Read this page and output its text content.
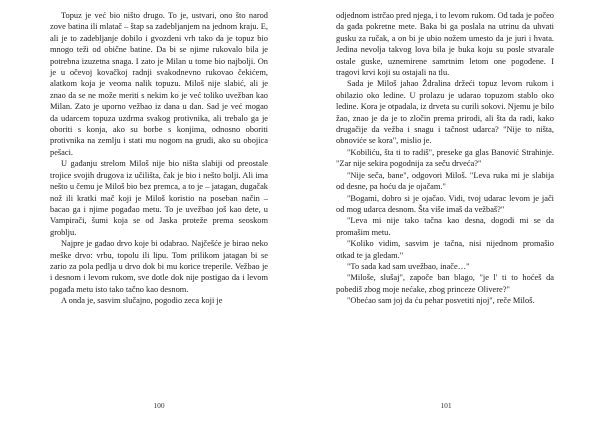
Topuz je već bio ništo drugo. To je, ustvari, ono što narod zove batina ili mlatač – štap sa zadebljanjem na jednom kraju. E, ali je to zadebljanje dobilo i gvozdeni vrh tako da je topuz bio mnogo teži od obične batine. Da bi se njime rukovalo bila je potrebna izuzetna snaga. I zato je Milan u tome bio najbolji. On je u očevoj kovačkoj radnji svakodnevno rukovao čekićem, alatkom koja je veoma nalik topuzu. Miloš nije slabić, ali je znao da se ne može meriti s nekim ko je već toliko uvežban kao Milan. Zato je uporno vežbao iz dana u dan. Sad je već mogao da udarcem topuza uzdrma svakog protivnika, ali trebalo ga je oboriti s konja, ako su borbe s konjima, odnosno oboriti protivnika na zemlju i stati mu nogom na grudi, ako su obojica pešaci.

U gađanju strelom Miloš nije bio ništa slabiji od preostale trojice svojih drugova iz učilišta, čak je bio i nešto bolji. Ali ima nešto u čemu je Miloš bio bez premca, a to je – jatagan, dugačak nož ili kratki mač koji je Miloš koristio na poseban način – bacao ga i njime pogađao metu. To je uvežbao još kao dete, u Vampirači, šumi koja se od Jaska proteže prema seoskom groblju.

Najpre je gađao drvo koje bi odabrao. Najčešće je birao neko meške drvo: vrbu, topolu ili lipu. Tom prilikom jatagan bi se zario za pola pedlja u drvo dok bi mu korice treperile. Vežbao je i desnom i levom rukom, sve dotle dok nije postigao da i levom pogađa metu isto tako tačno kao desnom.

A onda je, sasvim slučajno, pogodio zeca koji je

100

odjednom istrčao pred njega, i to levom rukom. Od tada je počeo da gađa pokretne mete. Baka bi ga poslala na utrinu da uhvati gusku za ručak, a on bi je ubio nožem umesto da je juri i hvata. Jedina nevolja takvog lova bila je buka koju su posle stvarale ostale guske, uznemirene samrtnim letom one pogođene. I tragovi krvi koji su ostajali na tlu.

Sada je Miloš jahao Ždralina držeći topuz levom rukom i obilazio oko ledine. U prolazu je udarao topuzom stablo oko ledine. Kora je otpadala, iz drveta su curili sokovi. Njemu je bilo žao, znao je da je to zločin prema prirodi, ali šta da radi, kako drugačije da vežba i snagu i tačnost udarca? "Nije to ništa, obnoviće se kora", mislio je.

"Kobiliću, šta ti to radiš", presekе ga glas Banović Strahinje. "Zar nije sekira pogodnija za seču drveća?"

"Nije seča, bane", odgovori Miloš. "Leva ruka mi je slabija od desne, pa hoću da je ojačam."

"Bogami, dobro si je ojačao. Vidi, tvoj udarac levom je jači od mog udarca desnom. Šta više imaš da vežbaš?"

"Leva mi nije tako tačna kao desna, dogodi mi se da promašim metu.

"Koliko vidim, sasvim je tačna, nisi nijednom promašio otkad te ja gledam."

"To sada kad sam uvežbao, inače…"

"Miloše, slušaj", započe ban blago, "je l' ti to hoćeš da pobediš zbog moje nećake, zbog princeze Olivere?"

"Obećao sam joj da ću pehar posvetiti njoj", reče Miloš.

101
